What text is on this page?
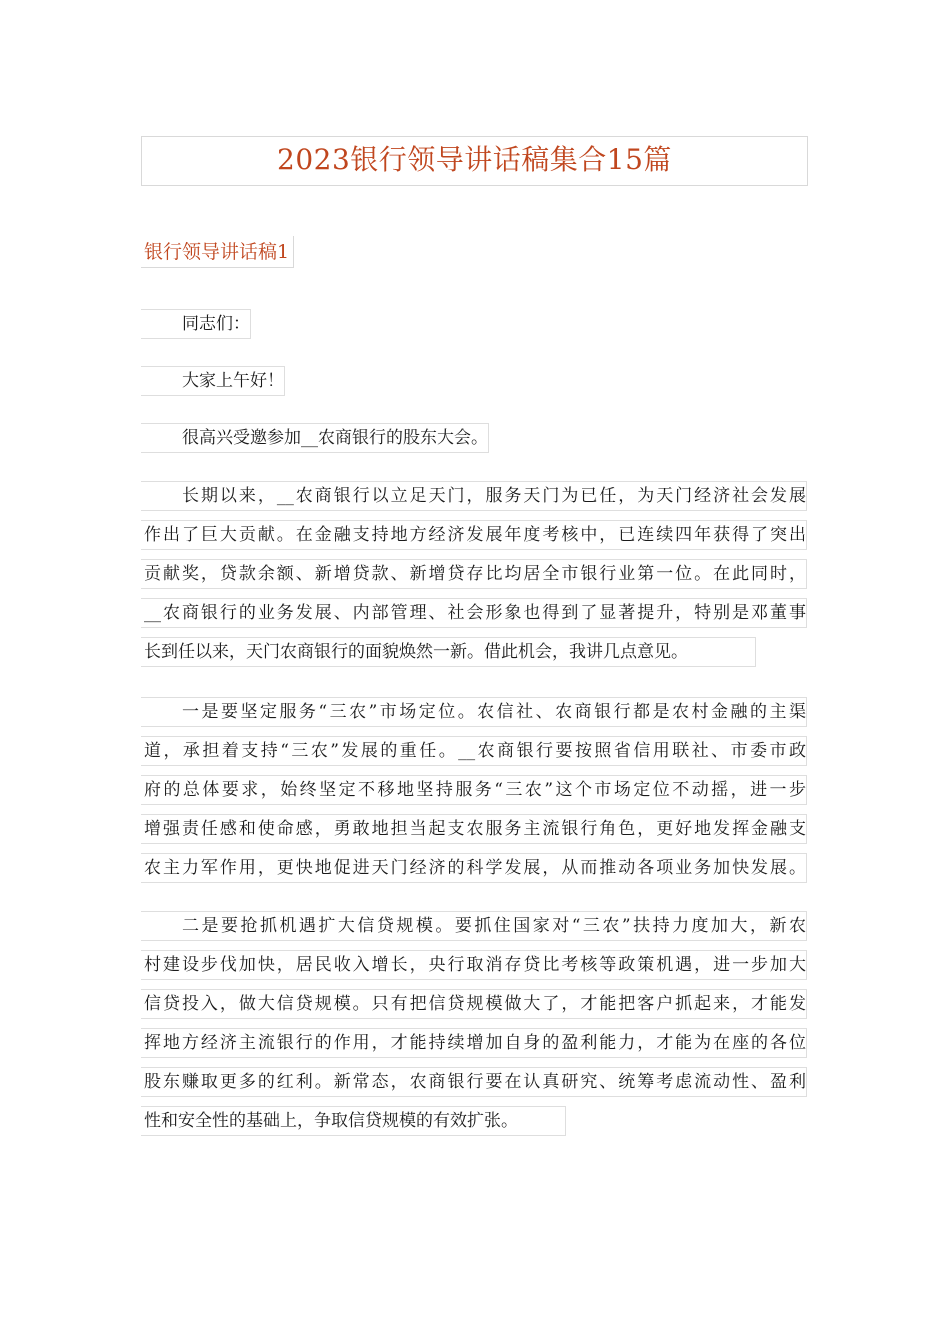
2023银行领导讲话稿集合15篇
银行领导讲话稿1
同志们：
大家上午好！
很高兴受邀参加__农商银行的股东大会。
长期以来，__农商银行以立足天门，服务天门为已任，为天门经济社会发展
作出了巨大贡献。在金融支持地方经济发展年度考核中，已连续四年获得了突出
贡献奖，贷款余额、新增贷款、新增贷存比均居全市银行业第一位。在此同时，
__农商银行的业务发展、内部管理、社会形象也得到了显著提升，特别是邓董事
长到任以来，天门农商银行的面貌焕然一新。借此机会，我讲几点意见。
一是要坚定服务“三农”市场定位。农信社、农商银行都是农村金融的主渠
道，承担着支持“三农”发展的重任。__农商银行要按照省信用联社、市委市政
府的总体要求，始终坚定不移地坚持服务“三农”这个市场定位不动摇，进一步
增强责任感和使命感，勇敢地担当起支农服务主流银行角色，更好地发挥金融支
农主力军作用，更快地促进天门经济的科学发展，从而推动各项业务加快发展。
二是要抢抓机遇扩大信贷规模。要抓住国家对“三农”扶持力度加大，新农
村建设步伐加快，居民收入增长，央行取消存贷比考核等政策机遇，进一步加大
信贷投入，做大信贷规模。只有把信贷规模做大了，才能把客户抓起来，才能发
挥地方经济主流银行的作用，才能持续增加自身的盈利能力，才能为在座的各位
股东赚取更多的红利。新常态，农商银行要在认真研究、统筹考虑流动性、盈利
性和安全性的基础上，争取信贷规模的有效扩张。
